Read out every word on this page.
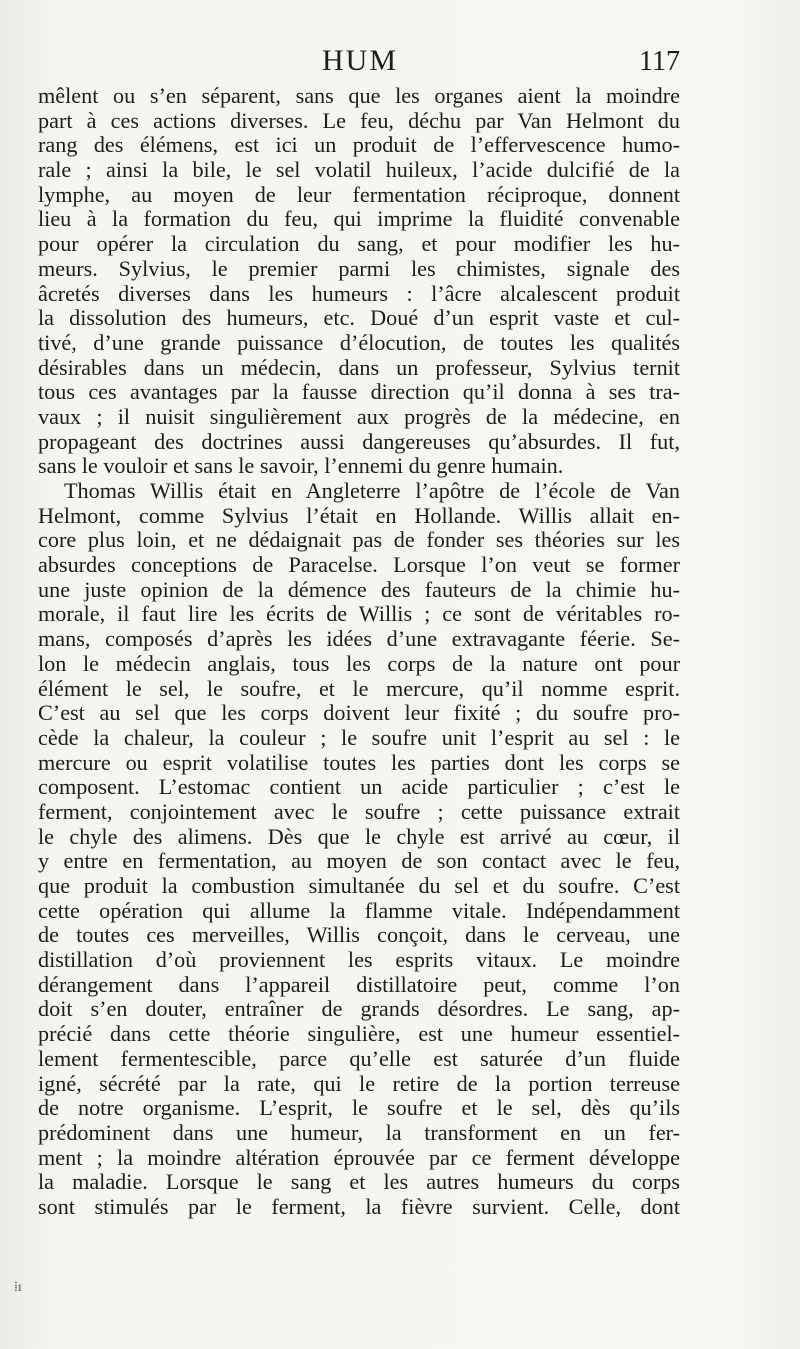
HUM	117
mêlent ou s’en séparent, sans que les organes aient la moindre
part à ces actions diverses. Le feu, déchu par Van Helmont du
rang des élémens, est ici un produit de l’effervescence humo-
rale ; ainsi la bile, le sel volatil huileux, l’acide dulcifié de la
lymphe, au moyen de leur fermentation réciproque, donnent
lieu à la formation du feu, qui imprime la fluidité convenable
pour opérer la circulation du sang, et pour modifier les hu-
meurs. Sylvius, le premier parmi les chimistes, signale des
âcretés diverses dans les humeurs : l’âcre alcalescent produit
la dissolution des humeurs, etc. Doué d’un esprit vaste et cul-
tivé, d’une grande puissance d’élocution, de toutes les qualités
désirables dans un médecin, dans un professeur, Sylvius ternit
tous ces avantages par la fausse direction qu’il donna à ses tra-
vaux ; il nuisit singulièrement aux progrès de la médecine, en
propageant des doctrines aussi dangereuses qu’absurdes. Il fut,
sans le vouloir et sans le savoir, l’ennemi du genre humain.
Thomas Willis était en Angleterre l’apôtre de l’école de Van
Helmont, comme Sylvius l’était en Hollande. Willis allait en-
core plus loin, et ne dédaignait pas de fonder ses théories sur les
absurdes conceptions de Paracelse. Lorsque l’on veut se former
une juste opinion de la démence des fauteurs de la chimie hu-
morale, il faut lire les écrits de Willis ; ce sont de véritables ro-
mans, composés d’après les idées d’une extravagante féerie. Se-
lon le médecin anglais, tous les corps de la nature ont pour
élément le sel, le soufre, et le mercure, qu’il nomme esprit.
C’est au sel que les corps doivent leur fixité ; du soufre pro-
cède la chaleur, la couleur ; le soufre unit l’esprit au sel : le
mercure ou esprit volatilise toutes les parties dont les corps se
composent. L’estomac contient un acide particulier ; c’est le
ferment, conjointement avec le soufre ; cette puissance extrait
le chyle des alimens. Dès que le chyle est arrivé au cœur, il
y entre en fermentation, au moyen de son contact avec le feu,
que produit la combustion simultanée du sel et du soufre. C’est
cette opération qui allume la flamme vitale. Indépendamment
de toutes ces merveilles, Willis conçoit, dans le cerveau, une
distillation d’où proviennent les esprits vitaux. Le moindre
dérangement dans l’appareil distillatoire peut, comme l’on
doit s’en douter, entraîner de grands désordres. Le sang, ap-
précié dans cette théorie singulière, est une humeur essentiel-
lement fermentescible, parce qu’elle est saturée d’un fluide
igné, sécrété par la rate, qui le retire de la portion terreuse
de notre organisme. L’esprit, le soufre et le sel, dès qu’ils
prédominent dans une humeur, la transforment en un fer-
ment ; la moindre altération éprouvée par ce ferment développe
la maladie. Lorsque le sang et les autres humeurs du corps
sont stimulés par le ferment, la fièvre survient. Celle, dont
⁞ı
